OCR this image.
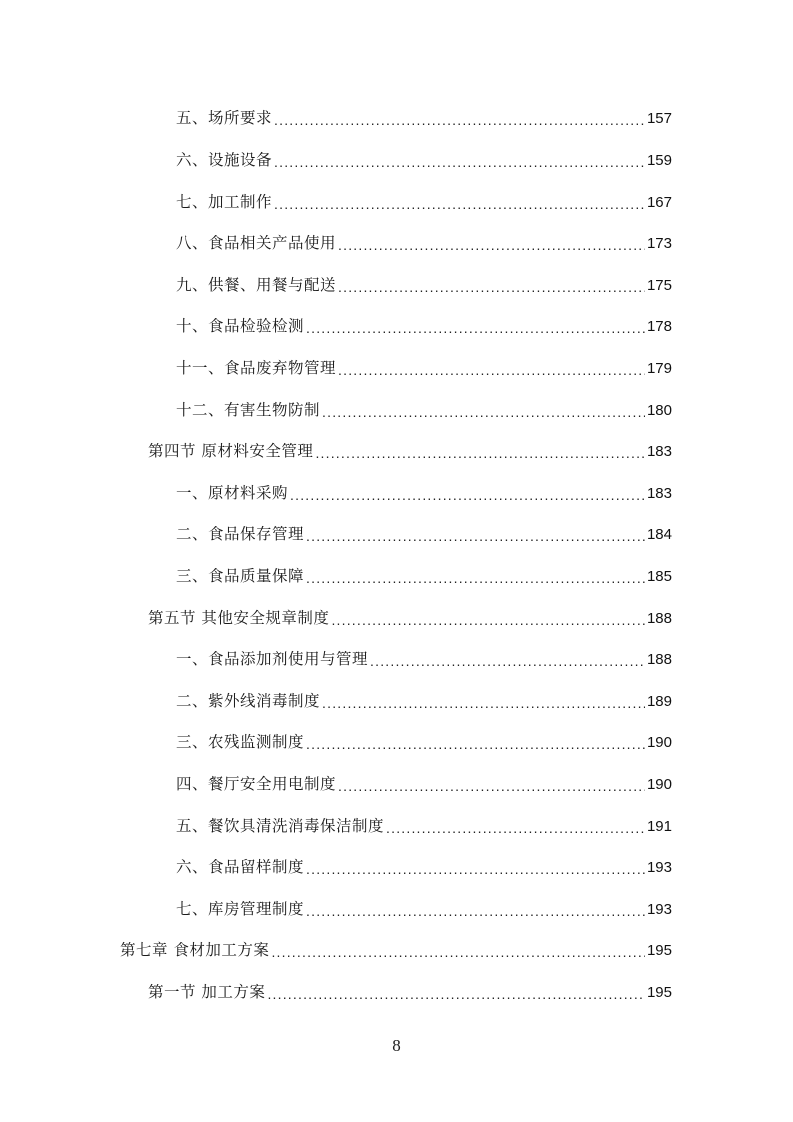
五、场所要求 .....	157
六、设施设备 .....	159
七、加工制作 .....	167
八、食品相关产品使用 .....	173
九、供餐、用餐与配送 .....	175
十、食品检验检测 .....	178
十一、食品废弃物管理 .....	179
十二、有害生物防制 .....	180
第四节 原材料安全管理 .....	183
一、原材料采购 .....	183
二、食品保存管理 .....	184
三、食品质量保障 .....	185
第五节 其他安全规章制度 .....	188
一、食品添加剂使用与管理 .....	188
二、紫外线消毒制度 .....	189
三、农残监测制度 .....	190
四、餐厅安全用电制度 .....	190
五、餐饮具清洗消毒保洁制度 .....	191
六、食品留样制度 .....	193
七、库房管理制度 .....	193
第七章 食材加工方案 .....	195
第一节 加工方案 .....	195
8
